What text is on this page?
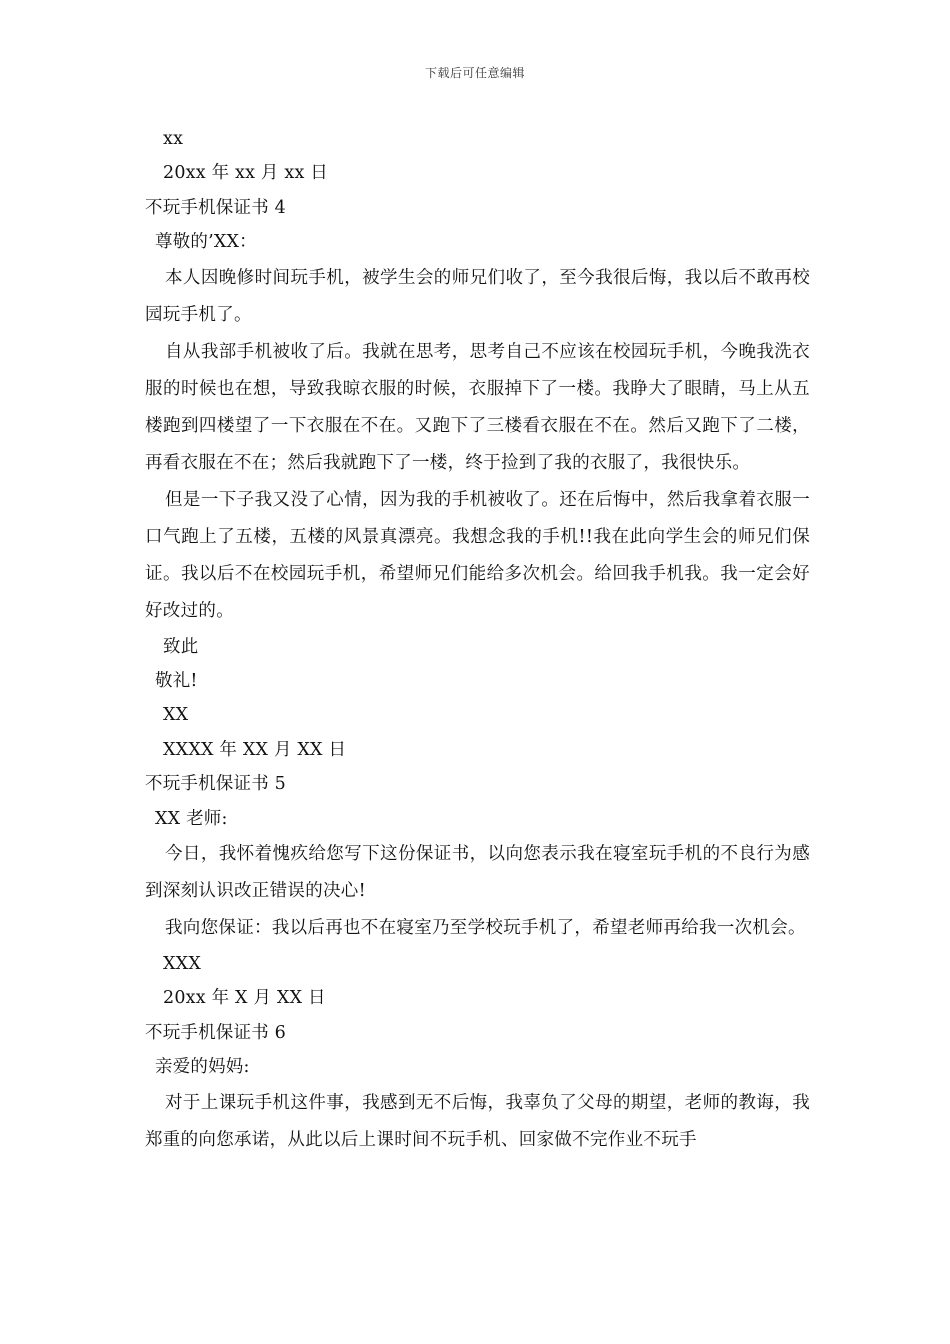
下载后可任意编辑
xx
20xx 年 xx 月 xx 日
不玩手机保证书 4
尊敬的’XX：

本人因晚修时间玩手机，被学生会的师兄们收了，至今我很后悔，我以后不敢再校园玩手机了。

自从我部手机被收了后。我就在思考，思考自己不应该在校园玩手机，今晚我洗衣服的时候也在想，导致我晾衣服的时候，衣服掉下了一楼。我睁大了眼睛，马上从五楼跑到四楼望了一下衣服在不在。又跑下了三楼看衣服在不在。然后又跑下了二楼，再看衣服在不在；然后我就跑下了一楼，终于捡到了我的衣服了，我很快乐。

但是一下子我又没了心情，因为我的手机被收了。还在后悔中，然后我拿着衣服一口气跑上了五楼，五楼的风景真漂亮。我想念我的手机!!我在此向学生会的师兄们保证。我以后不在校园玩手机，希望师兄们能给多次机会。给回我手机我。我一定会好好改过的。

致此
敬礼!
XX
XXXX 年 XX 月 XX 日
不玩手机保证书 5
XX 老师:

今日，我怀着愧疚给您写下这份保证书，以向您表示我在寝室玩手机的不良行为感到深刻认识改正错误的决心!

我向您保证：我以后再也不在寝室乃至学校玩手机了，希望老师再给我一次机会。

XXX
20xx 年 X 月 XX 日
不玩手机保证书 6
亲爱的妈妈:

对于上课玩手机这件事，我感到无不后悔，我辜负了父母的期望，老师的教诲，我郑重的向您承诺，从此以后上课时间不玩手机、回家做不完作业不玩手
